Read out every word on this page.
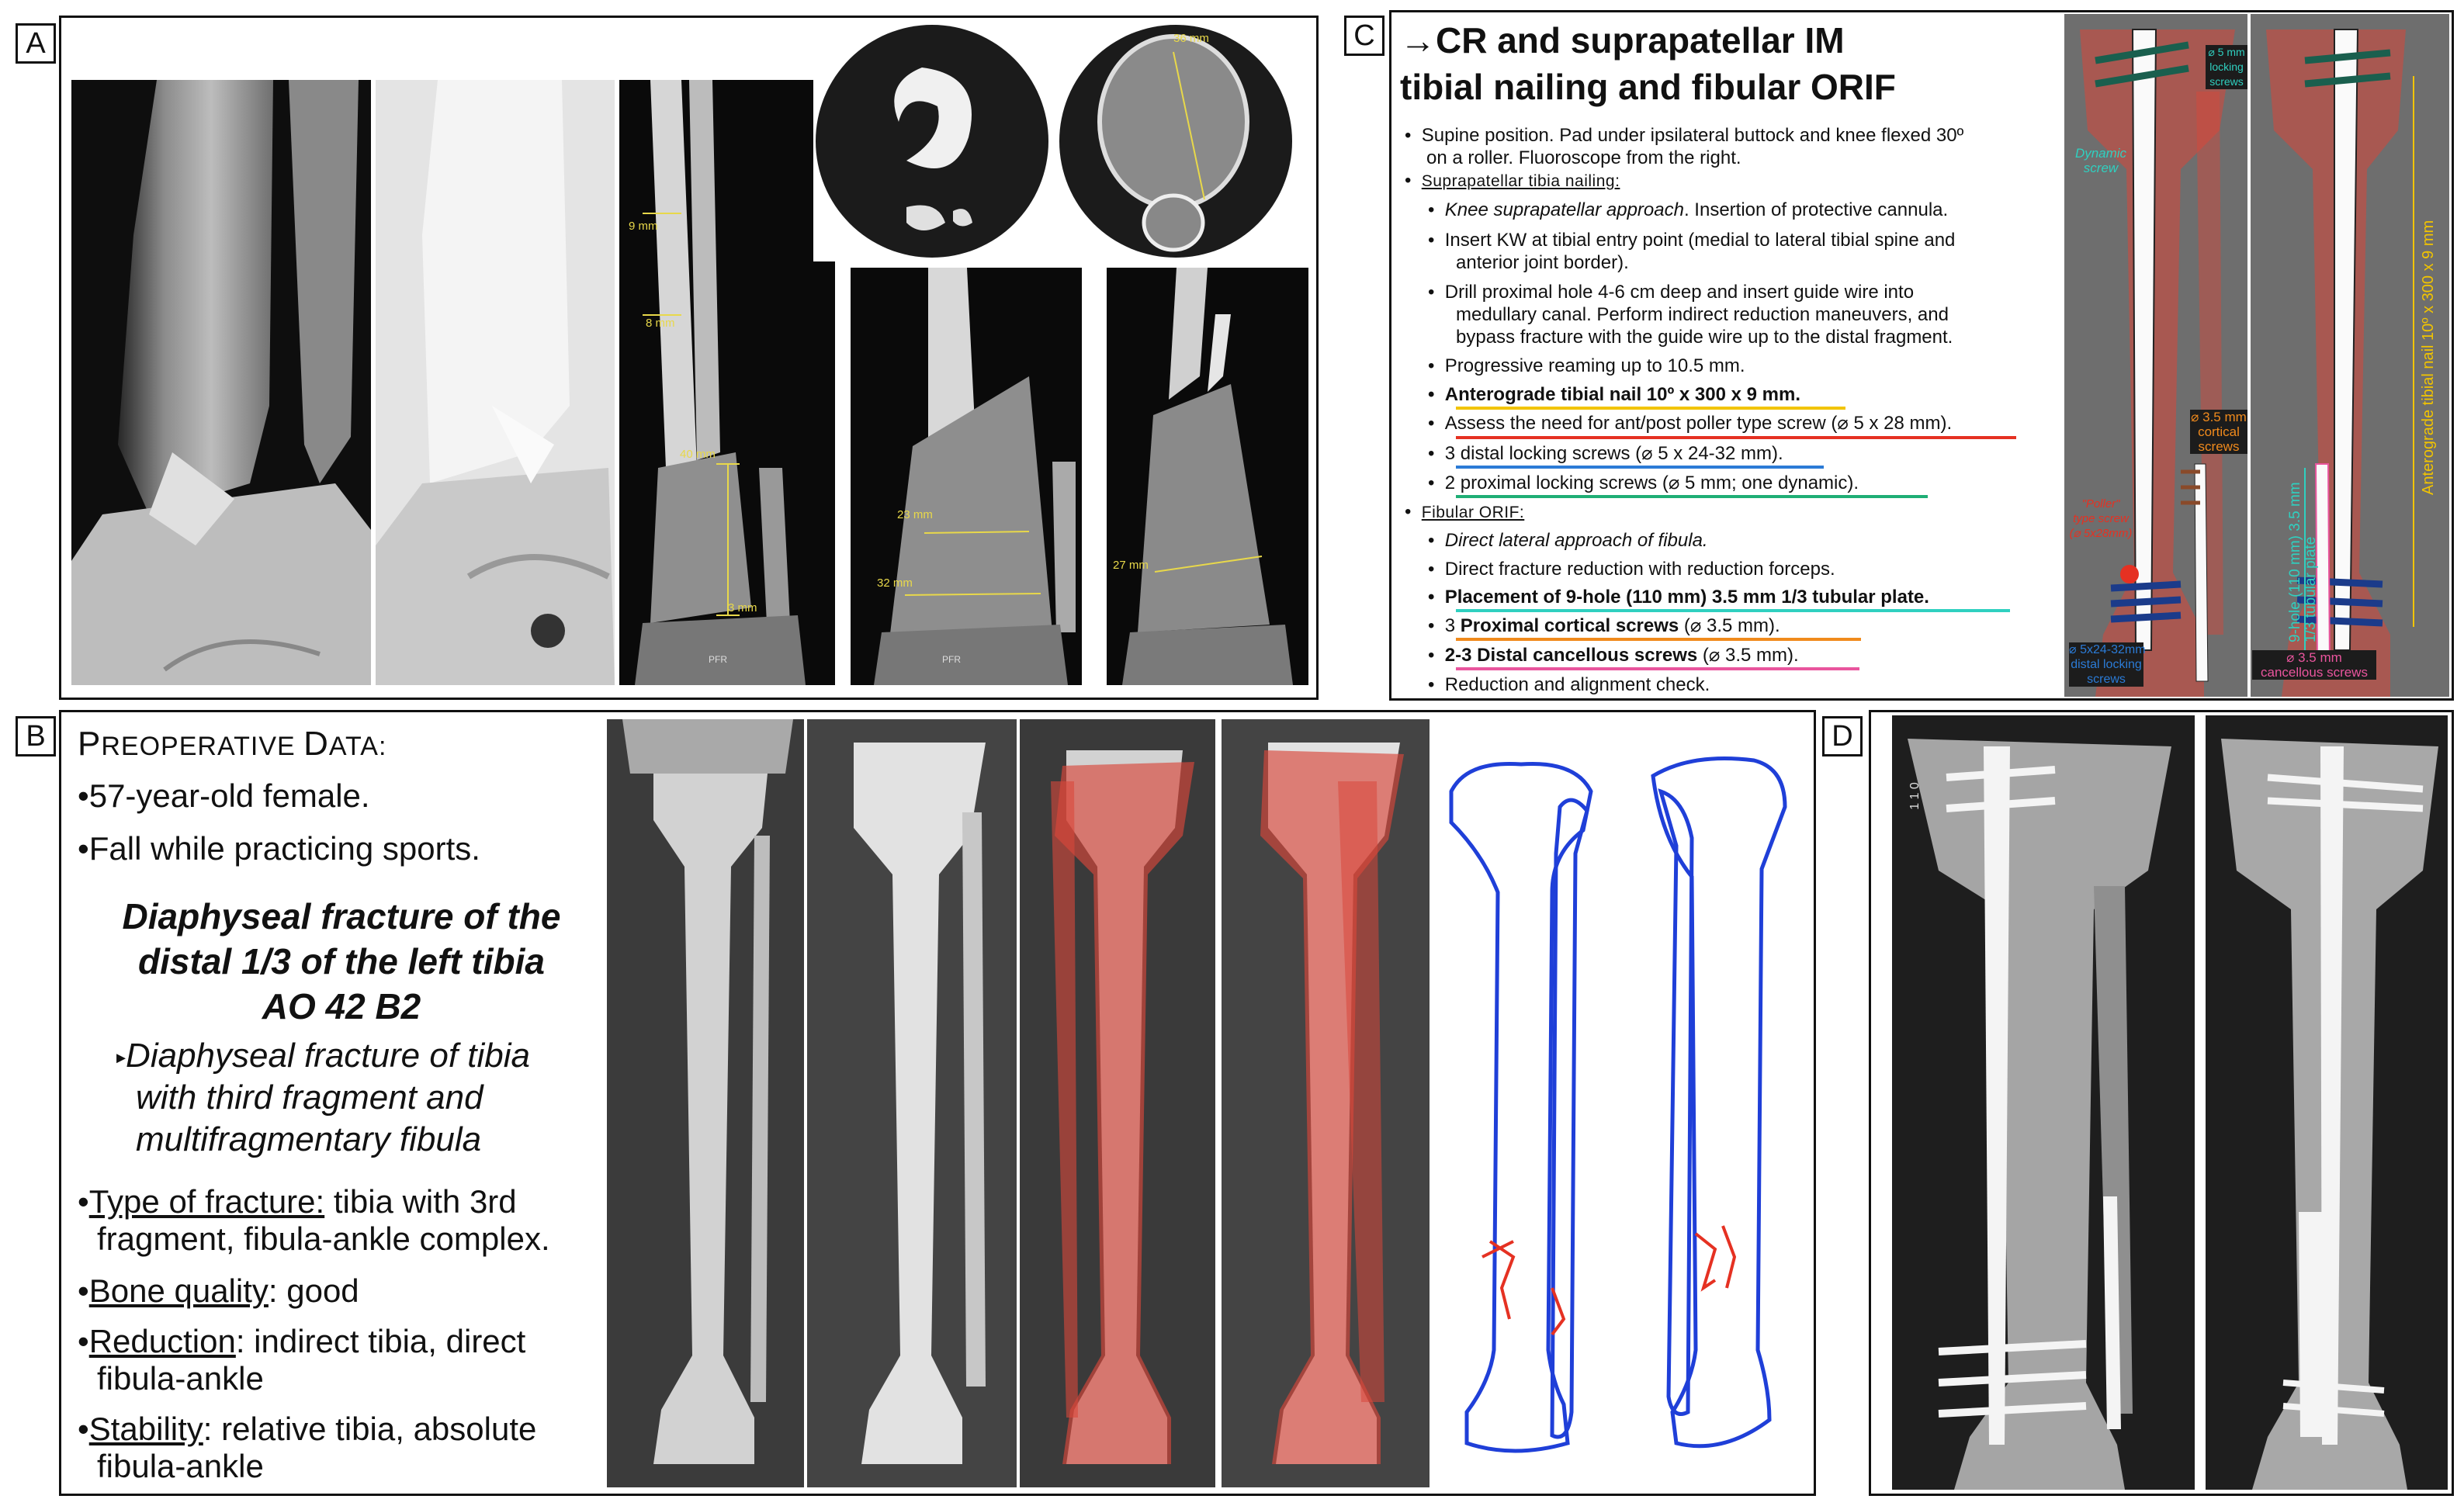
A
9 mm
8 mm
40 mm
3 mm
PFR
36 mm
23 mm
32 mm
PFR
27 mm
B PREOPERATIVE DATA:
•57-year-old female.
•Fall while practicing sports.
Diaphyseal fracture of the
distal 1/3 of the left tibia
AO 42 B2
▸Diaphyseal fracture of tibia
with third fragment and
multifragmentary fibula
•Type of fracture: tibia with 3rd
fragment, fibula-ankle complex.
•Bone quality: good
•Reduction: indirect tibia, direct
fibula-ankle
•Stability: relative tibia, absolute
fibula-ankle
C →CR and suprapatellar IM
tibial nailing and fibular ORIF
•  Supine position. Pad under ipsilateral buttock and knee flexed 30º
on a roller. Fluoroscope from the right.
•  Suprapatellar tibia nailing:
•  Knee suprapatellar approach. Insertion of protective cannula.
•  Insert KW at tibial entry point (medial to lateral tibial spine and
anterior joint border).
•  Drill proximal hole 4-6 cm deep and insert guide wire into
medullary canal. Perform indirect reduction maneuvers, and
bypass fracture with the guide wire up to the distal fragment.
•  Progressive reaming up to 10.5 mm.
•  Anterograde tibial nail 10º x 300 x 9 mm.
•  Assess the need for ant/post poller type screw (⌀ 5 x 28 mm).
•  3 distal locking screws (⌀ 5 x 24-32 mm).
•  2 proximal locking screws (⌀ 5 mm; one dynamic).
•  Fibular ORIF:
•  Direct lateral approach of fibula.
•  Direct fracture reduction with reduction forceps.
•  Placement of 9-hole (110 mm) 3.5 mm 1/3 tubular plate.
•  3 Proximal cortical screws (⌀ 3.5 mm).
•  2-3 Distal cancellous screws (⌀ 3.5 mm).
•  Reduction and alignment check.
⌀ 5 mm
locking
screws
Dynamic
screw
⌀ 3.5 mm
cortical
screws
"Poller"
type screw
(⌀ 5x28mm)
⌀ 5x24-32mm
distal locking
screws
9-hole (110 mm) 3.5 mm
1/3 tubular plate
Anterograde tibial nail 10º x 300 x 9 mm
⌀ 3.5 mm
cancellous screws
D
1 1 0
